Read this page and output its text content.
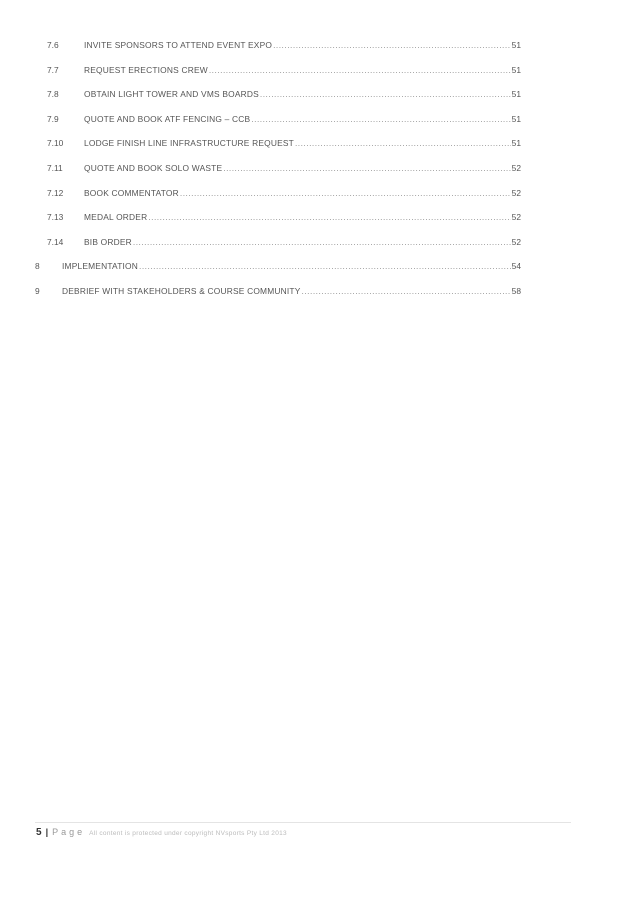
7.6	INVITE SPONSORS TO ATTEND EVENT EXPO .....	51
7.7	REQUEST ERECTIONS CREW .....	51
7.8	OBTAIN LIGHT TOWER AND VMS BOARDS .....	51
7.9	QUOTE AND BOOK ATF FENCING – CCB .....	51
7.10 LODGE FINISH LINE INFRASTRUCTURE REQUEST .....	51
7.11	QUOTE AND BOOK SOLO WASTE .....	52
7.12 BOOK COMMENTATOR .....	52
7.13 MEDAL ORDER .....	52
7.14 BIB ORDER .....	52
8	IMPLEMENTATION .....	54
9	DEBRIEF WITH STAKEHOLDERS & COURSE COMMUNITY .....	58
5 | Page All content is protected under copyright NVsports Pty Ltd 2013
